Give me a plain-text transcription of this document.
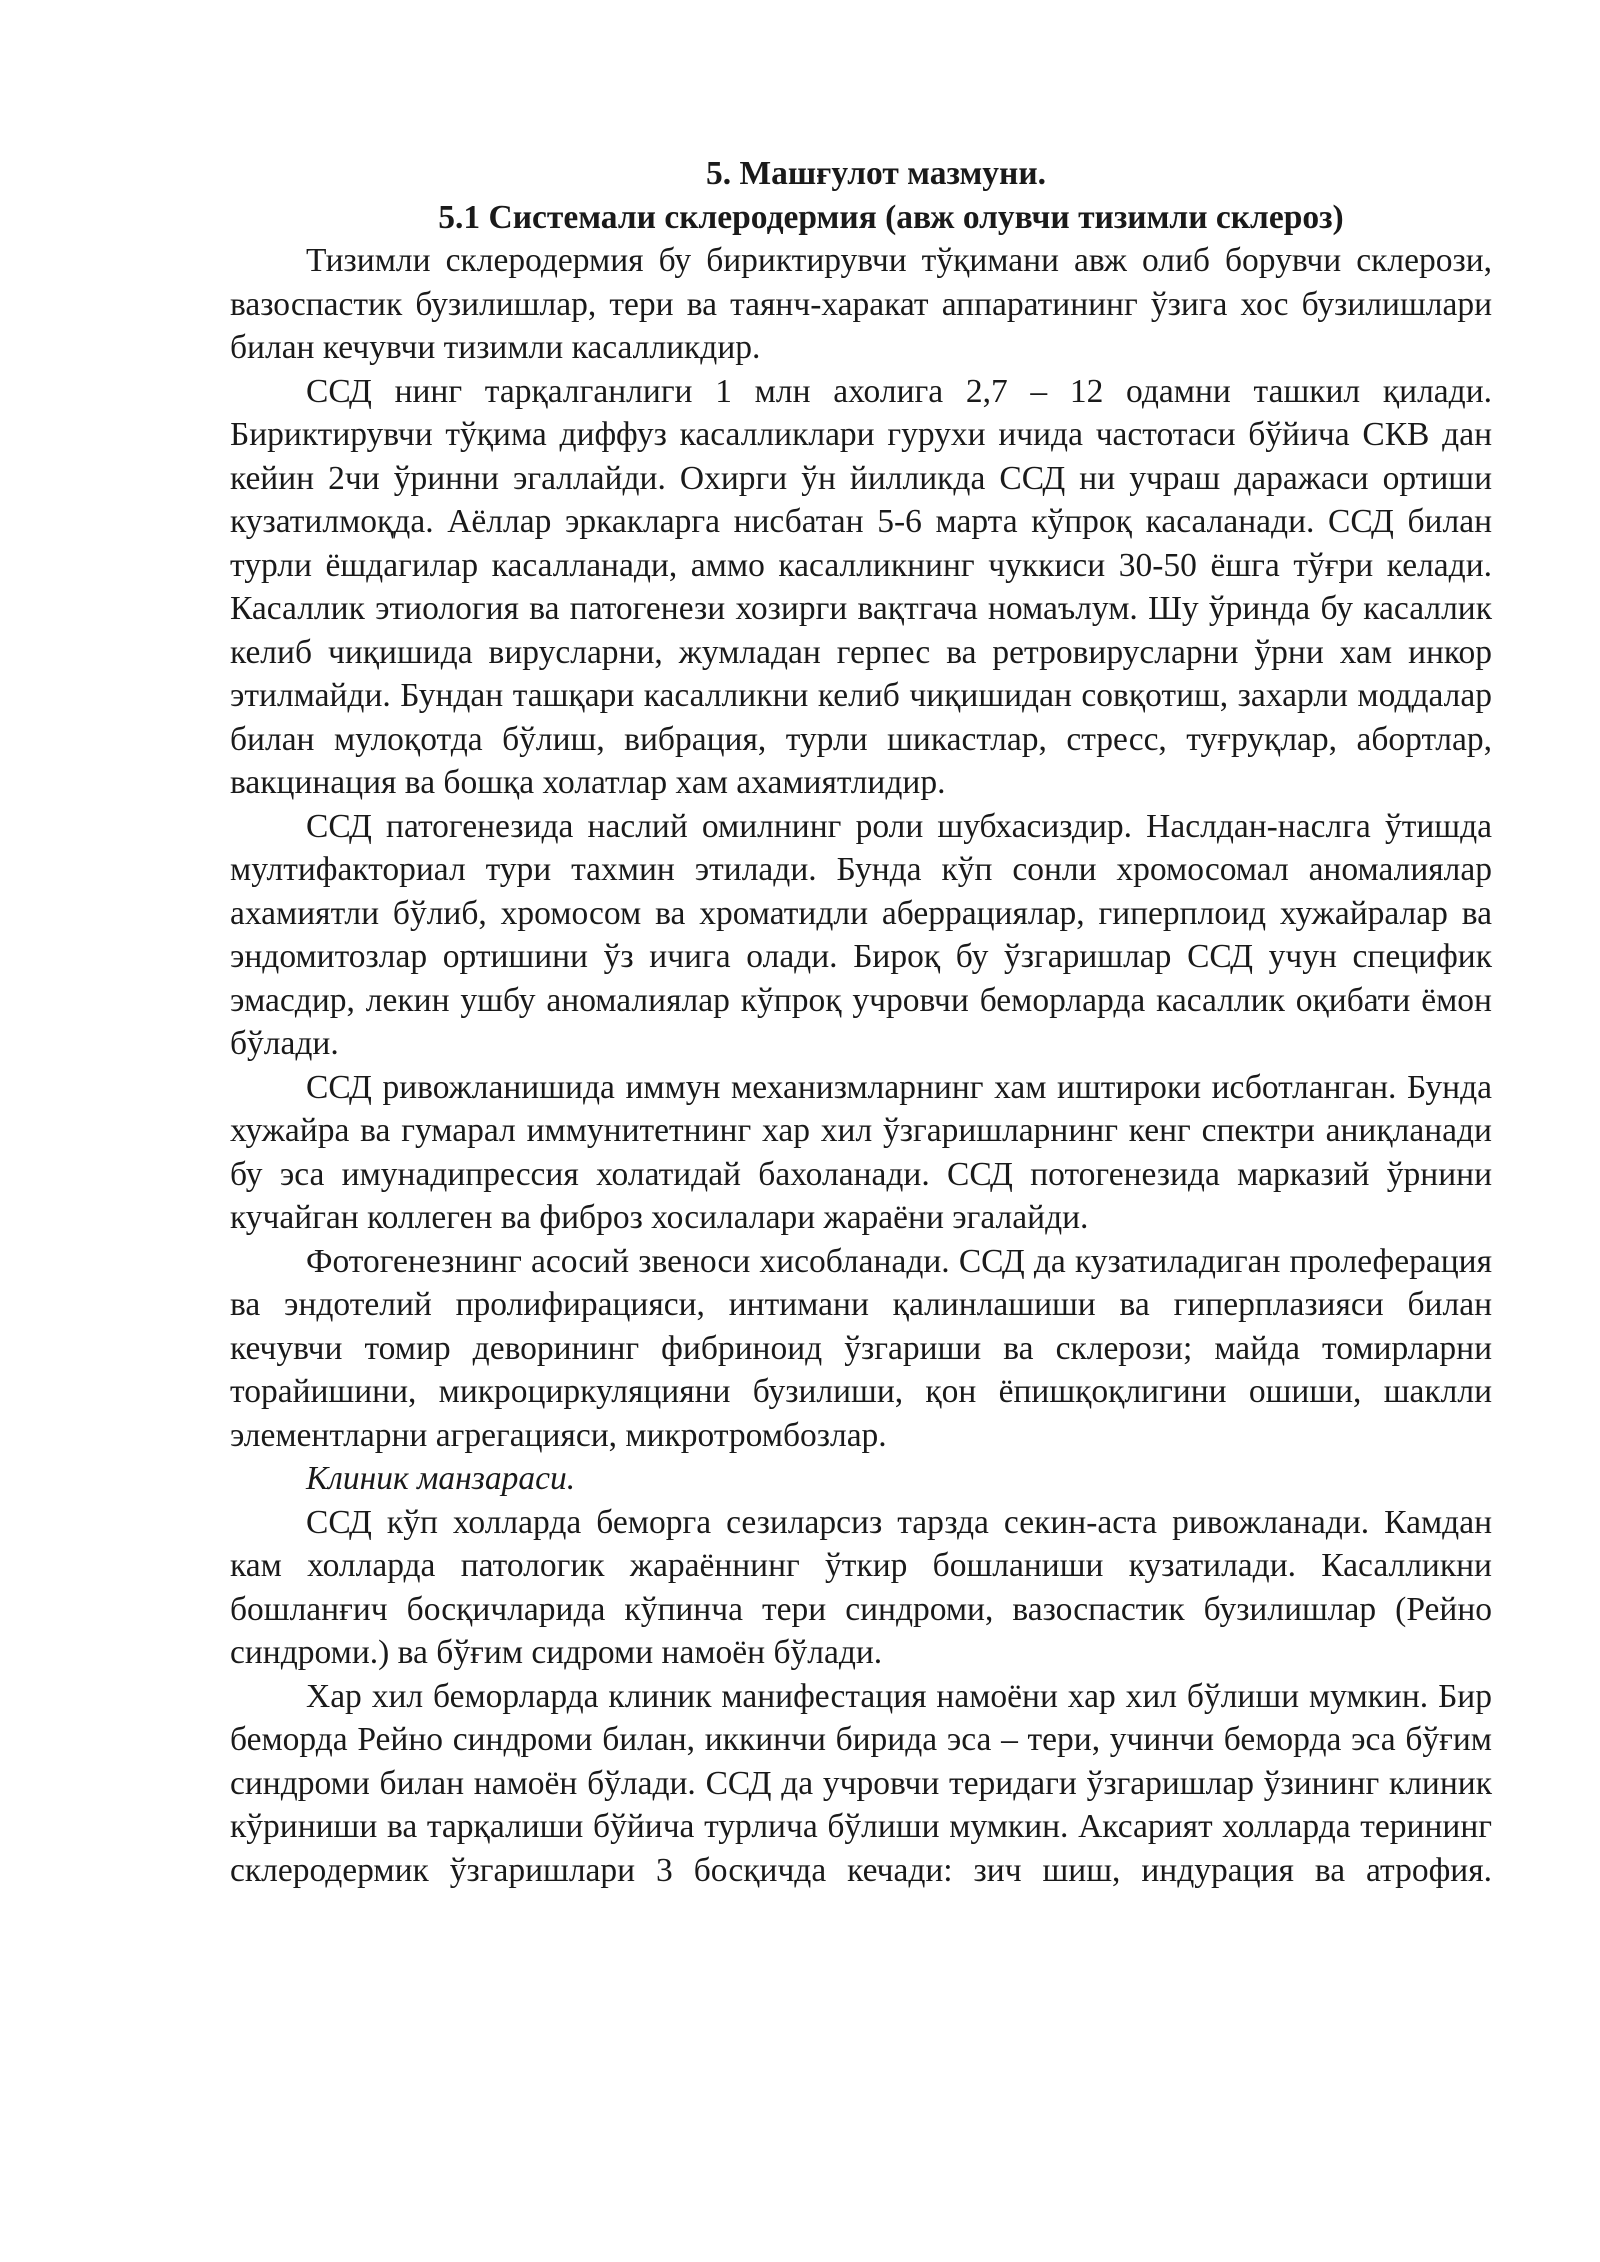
5. Машғулот мазмуни.

5.1 Системали склеродермия (авж олувчи тизимли склероз)

Тизимли склеродермия бу бириктирувчи тўқимани авж олиб борувчи склерози, вазоспастик бузилишлар, тери ва таянч-харакат аппаратининг ўзига хос бузилишлари билан кечувчи тизимли касалликдир.

ССД нинг тарқалганлиги 1 млн ахолига 2,7 – 12 одамни ташкил қилади. Бириктирувчи тўқима диффуз касалликлари гурухи ичида частотаси бўйича СКВ дан кейин 2чи ўринни эгаллайди. Охирги ўн йилликда ССД ни учраш даражаси ортиши кузатилмоқда. Аёллар эркакларга нисбатан 5-6 марта кўпроқ касаланади. ССД билан турли ёшдагилар касалланади, аммо касалликнинг чуккиси 30-50 ёшга тўғри келади. Касаллик этиология ва патогенези хозирги вақтгача номаълум. Шу ўринда бу касаллик келиб чиқишида вирусларни, жумладан герпес ва ретровирусларни ўрни хам инкор этилмайди. Бундан ташқари касалликни келиб чиқишидан совқотиш, захарли моддалар билан мулоқотда бўлиш, вибрация, турли шикастлар, стресс, туғруқлар, абортлар, вакцинация ва бошқа холатлар хам ахамиятлидир.

ССД патогенезида наслий омилнинг роли шубхасиздир. Наслдан-наслга ўтишда мултифакториал тури тахмин этилади. Бунда кўп сонли хромосомал аномалиялар ахамиятли бўлиб, хромосом ва хроматидли аберрациялар, гиперплоид хужайралар ва эндомитозлар ортишини ўз ичига олади. Бироқ бу ўзгаришлар ССД учун специфик эмасдир, лекин ушбу аномалиялар кўпроқ учровчи беморларда касаллик оқибати ёмон бўлади.

ССД ривожланишида иммун механизмларнинг хам иштироки исботланган. Бунда хужайра ва гумарал иммунитетнинг хар хил ўзгаришларнинг кенг спектри аниқланади бу эса имунадипрессия холатидай бахоланади. ССД потогенезида марказий ўрнини кучайган коллеген ва фиброз хосилалари жараёни эгалайди.

Фотогенезнинг асосий звеноси хисобланади. ССД да кузатиладиган пролеферация ва эндотелий пролифирацияси, интимани қалинлашиши ва гиперплазияси билан кечувчи томир деворининг фибриноид ўзгариши ва склерози; майда томирларни торайишини, микроциркуляцияни бузилиши, қон ёпишқоқлигини ошиши, шаклли элементларни агрегацияси, микротромбозлар.

Клиник манзараси.

ССД кўп холларда беморга сезиларсиз тарзда секин-аста ривожланади. Камдан кам холларда патологик жараённинг ўткир бошланиши кузатилади. Касалликни бошланғич босқичларида кўпинча тери синдроми, вазоспастик бузилишлар (Рейно синдроми.) ва бўғим сидроми намоён бўлади.

Хар хил беморларда клиник манифестация намоёни хар хил бўлиши мумкин. Бир беморда Рейно синдроми билан, иккинчи бирида эса – тери, учинчи беморда эса бўғим синдроми билан намоён бўлади. ССД да учровчи теридаги ўзгаришлар ўзининг клиник кўриниши ва тарқалиши бўйича турлича бўлиши мумкин. Аксарият холларда терининг склеродермик ўзгаришлари 3 босқичда кечади: зич шиш, индурация ва атрофия.
